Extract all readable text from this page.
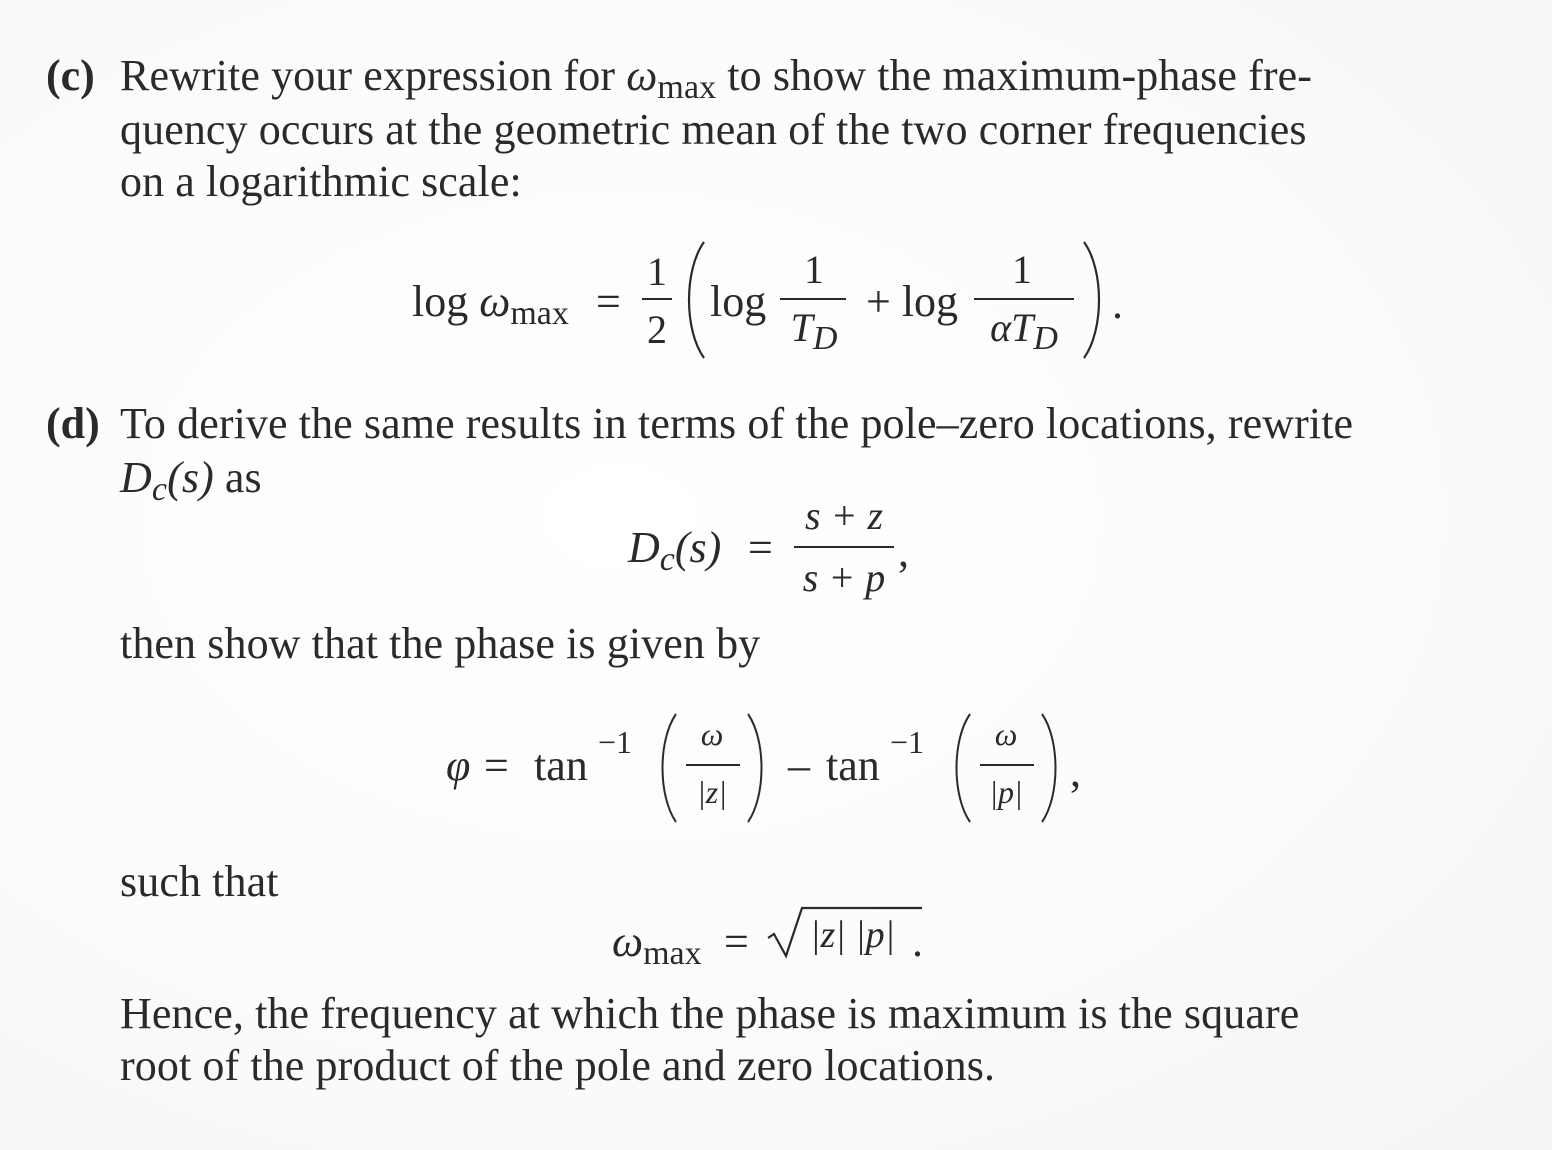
(c) Rewrite your expression for ωmax to show the maximum-phase fre-
quency occurs at the geometric mean of the two corner frequencies
on a logarithmic scale:
log ωmax =
1
2
log
1
$T_D$
+ log
1
$\alpha T_D$
.
(d) To derive the same results in terms of the pole–zero locations, rewrite
Dc(s) as
Dc(s) =
s + z
s + p
,
then show that the phase is given by
φ = tan −1	ω
|z|
– tan −1	ω
|p| ,
such that
ωmax = |z| |p| .
Hence, the frequency at which the phase is maximum is the square
root of the product of the pole and zero locations.
